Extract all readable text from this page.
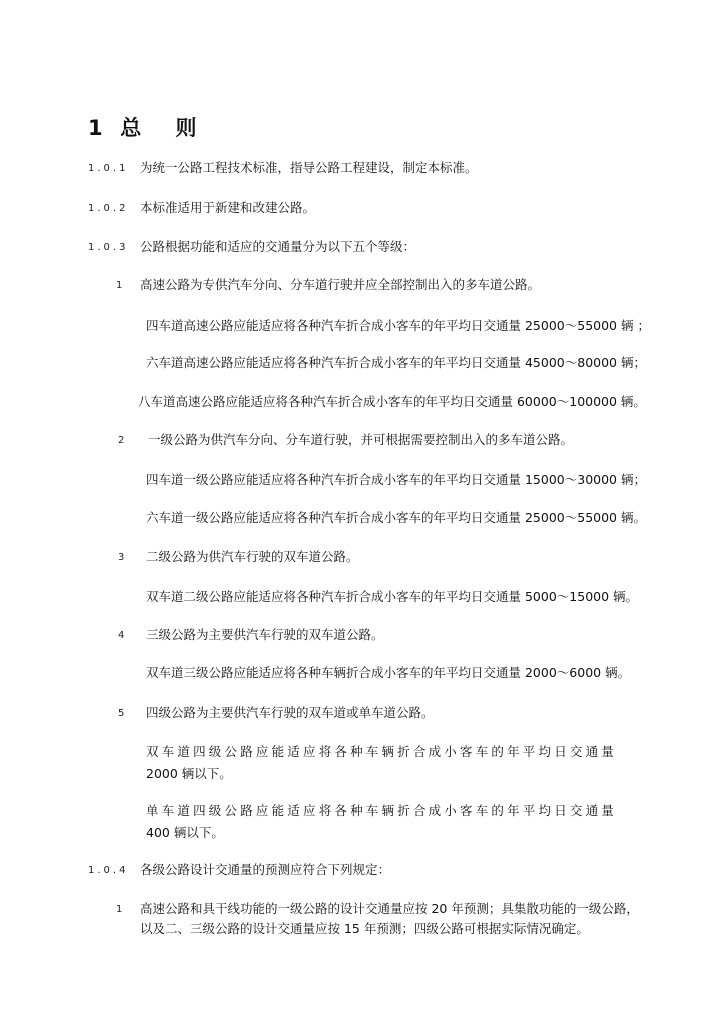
1  总    则
1.0.1 为统一公路工程技术标准，指导公路工程建设，制定本标准。
1.0.2 本标准适用于新建和改建公路。
1.0.3 公路根据功能和适应的交通量分为以下五个等级：
1 高速公路为专供汽车分向、分车道行驶并应全部控制出入的多车道公路。
四车道高速公路应能适应将各种汽车折合成小客车的年平均日交通量 25000～55000 辆 ；
六车道高速公路应能适应将各种汽车折合成小客车的年平均日交通量 45000～80000 辆；
八车道高速公路应能适应将各种汽车折合成小客车的年平均日交通量 60000～100000 辆。
2 一级公路为供汽车分向、分车道行驶，并可根据需要控制出入的多车道公路。
四车道一级公路应能适应将各种汽车折合成小客车的年平均日交通量 15000～30000 辆；
六车道一级公路应能适应将各种汽车折合成小客车的年平均日交通量 25000～55000 辆。
3 二级公路为供汽车行驶的双车道公路。
双车道二级公路应能适应将各种汽车折合成小客车的年平均日交通量 5000～15000 辆。
4 三级公路为主要供汽车行驶的双车道公路。
双车道三级公路应能适应将各种车辆折合成小客车的年平均日交通量 2000～6000 辆。
5 四级公路为主要供汽车行驶的双车道或单车道公路。
双车道四级公路应能适应将各种车辆折合成小客车的年平均日交通量
2000 辆以下。
单车道四级公路应能适应将各种车辆折合成小客车的年平均日交通量
400 辆以下。
1.0.4 各级公路设计交通量的预测应符合下列规定：
1 高速公路和具干线功能的一级公路的设计交通量应按 20 年预测；具集散功能的一级公路，
以及二、三级公路的设计交通量应按 15 年预测；四级公路可根据实际情况确定。
